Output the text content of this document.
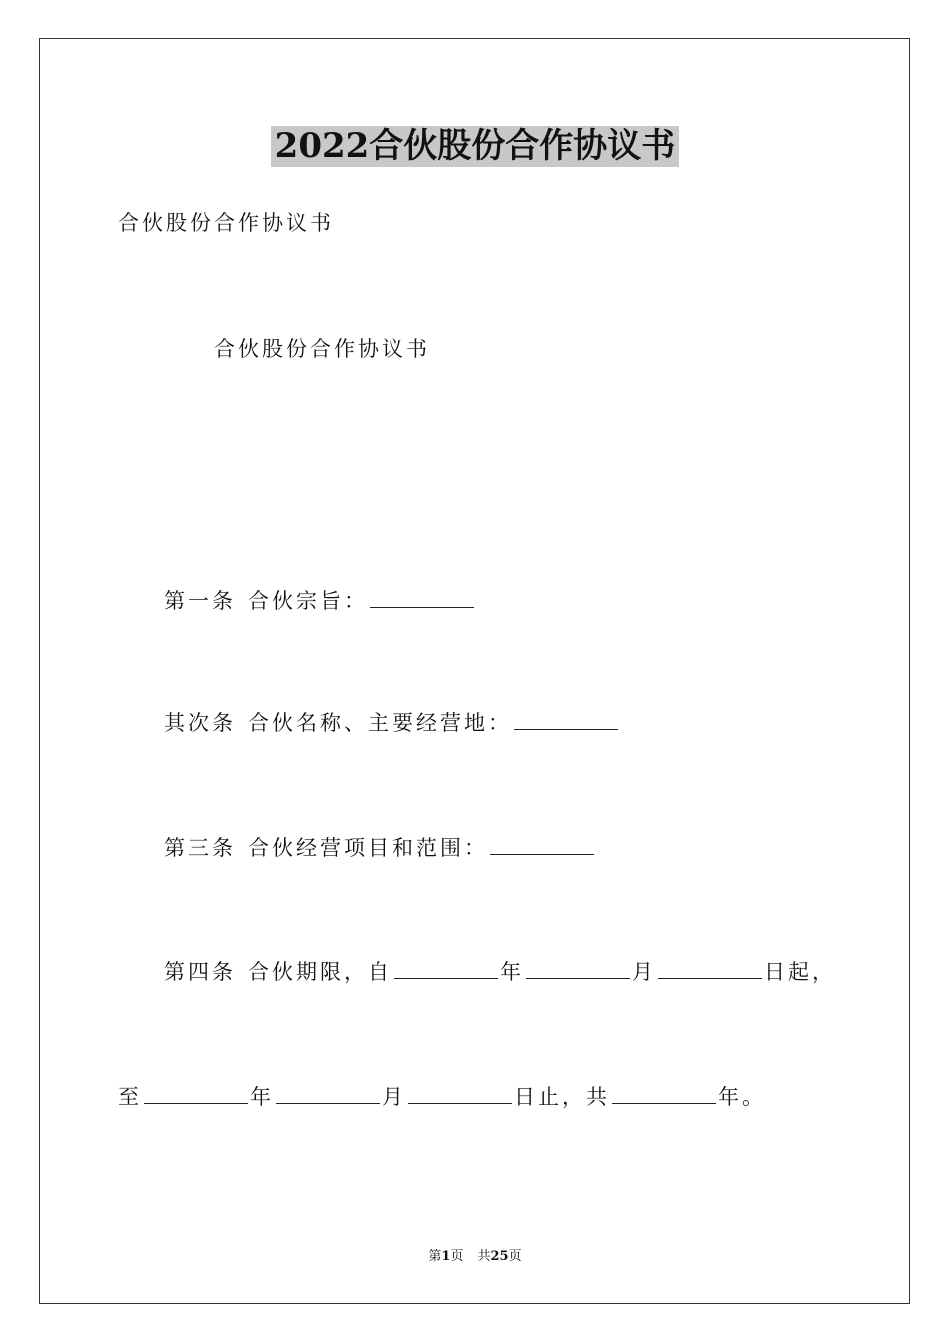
2022合伙股份合作协议书
合伙股份合作协议书
合伙股份合作协议书
第一条 合伙宗旨：
其次条 合伙名称、主要经营地：
第三条 合伙经营项目和范围：
第四条 合伙期限，自	年	月	日起，
至	年	月	日止，共	年。
第1页 共25页
